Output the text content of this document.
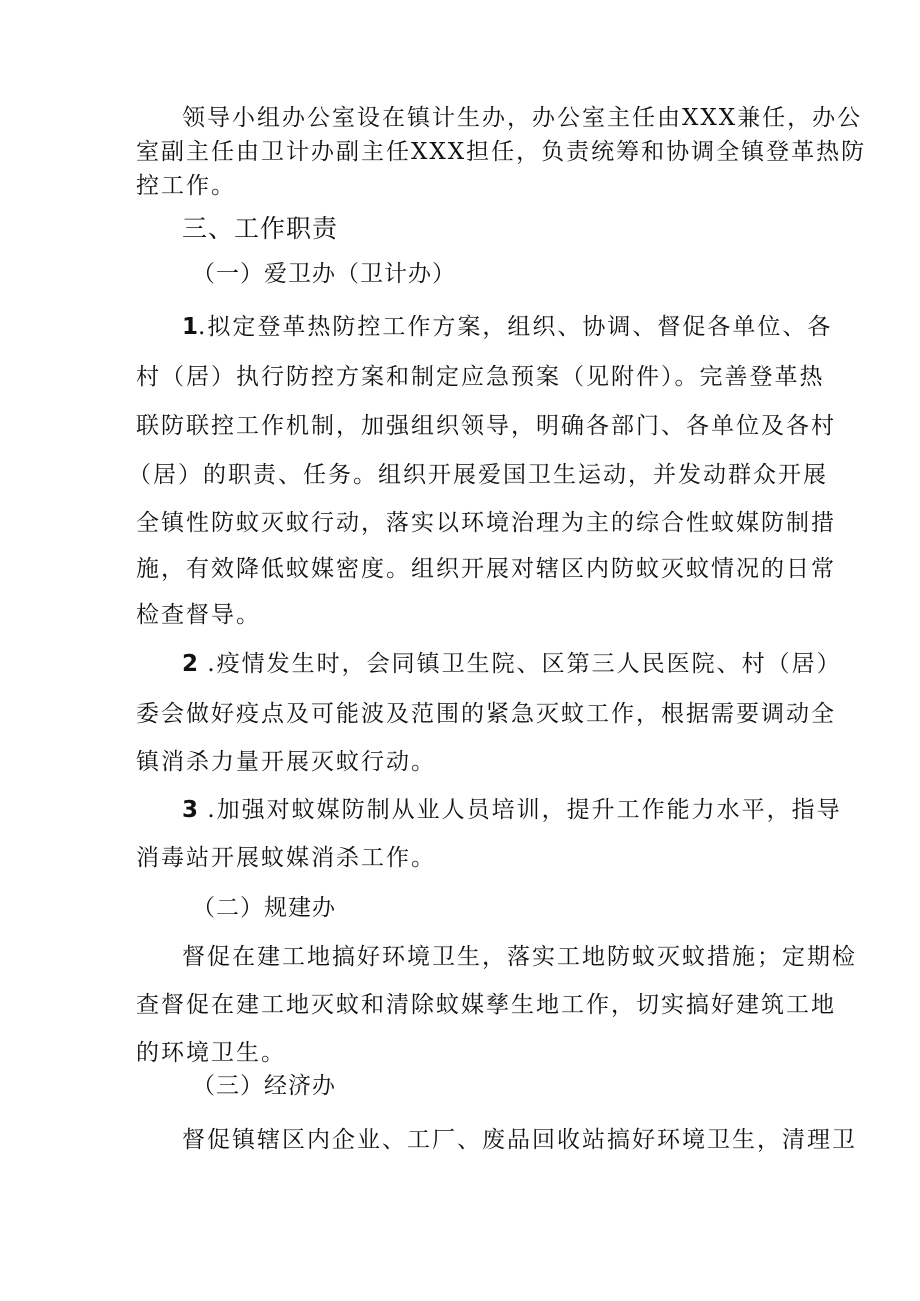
领导小组办公室设在镇计生办，办公室主任由XXX兼任，办公
室副主任由卫计办副主任XXX担任，负责统筹和协调全镇登革热防
控工作。
三、工作职责
（一）爱卫办（卫计办）
1.拟定登革热防控工作方案，组织、协调、督促各单位、各
村（居）执行防控方案和制定应急预案（见附件）。完善登革热
联防联控工作机制，加强组织领导，明确各部门、各单位及各村
（居）的职责、任务。组织开展爱国卫生运动，并发动群众开展
全镇性防蚊灭蚊行动，落实以环境治理为主的综合性蚊媒防制措
施，有效降低蚊媒密度。组织开展对辖区内防蚊灭蚊情况的日常
检查督导。
2 .疫情发生时，会同镇卫生院、区第三人民医院、村（居）
委会做好疫点及可能波及范围的紧急灭蚊工作，根据需要调动全
镇消杀力量开展灭蚊行动。
3 .加强对蚊媒防制从业人员培训，提升工作能力水平，指导
消毒站开展蚊媒消杀工作。
（二）规建办
督促在建工地搞好环境卫生，落实工地防蚊灭蚊措施；定期检
查督促在建工地灭蚊和清除蚊媒孳生地工作，切实搞好建筑工地
的环境卫生。
（三）经济办
督促镇辖区内企业、工厂、废品回收站搞好环境卫生，清理卫
